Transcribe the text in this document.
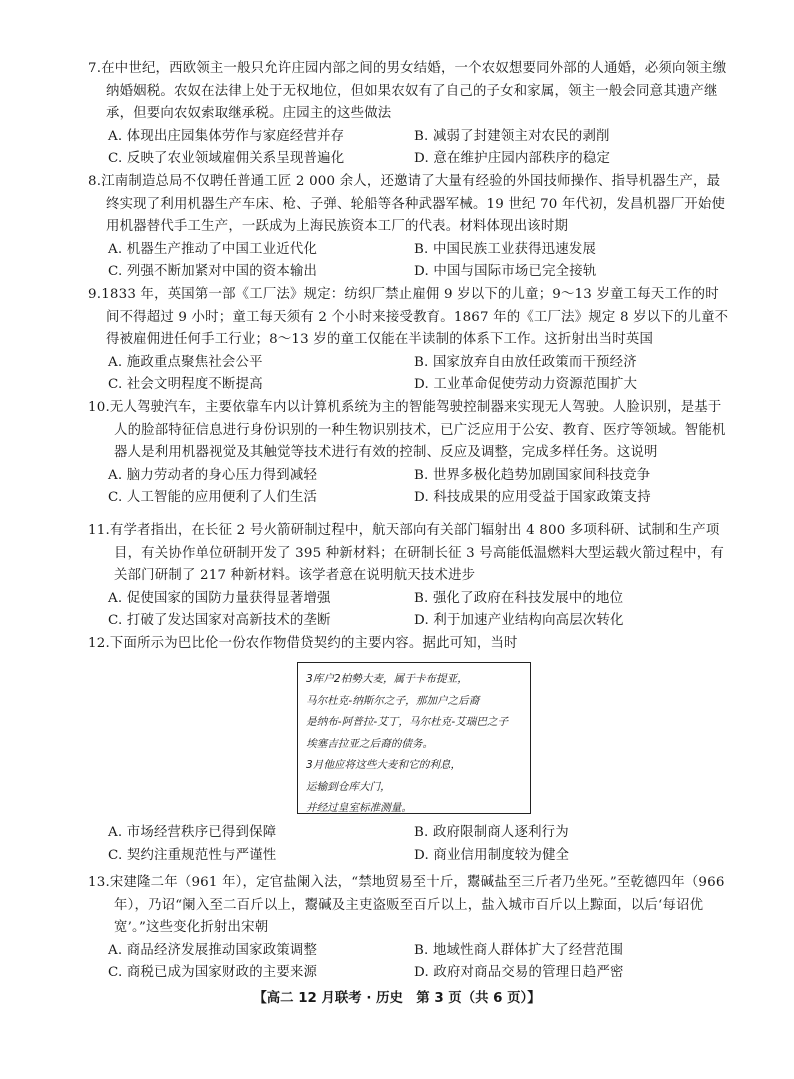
7.在中世纪，西欧领主一般只允许庄园内部之间的男女结婚，一个农奴想要同外部的人通婚，必须向领主缴纳婚姻税。农奴在法律上处于无权地位，但如果农奴有了自己的子女和家属，领主一般会同意其遗产继承，但要向农奴索取继承税。庄园主的这些做法

A. 体现出庄园集体劳作与家庭经营并存	B. 减弱了封建领主对农民的剥削
C. 反映了农业领域雇佣关系呈现普遍化	D. 意在维护庄园内部秩序的稳定

8.江南制造总局不仅聘任普通工匠 2 000 余人，还邀请了大量有经验的外国技师操作、指导机器生产，最终实现了利用机器生产车床、枪、子弹、轮船等各种武器军械。19 世纪 70 年代初，发昌机器厂开始使用机器替代手工生产，一跃成为上海民族资本工厂的代表。材料体现出该时期

A. 机器生产推动了中国工业近代化	B. 中国民族工业获得迅速发展
C. 列强不断加紧对中国的资本输出	D. 中国与国际市场已完全接轨

9.1833 年，英国第一部《工厂法》规定：纺织厂禁止雇佣 9 岁以下的儿童；9～13 岁童工每天工作的时间不得超过 9 小时；童工每天须有 2 个小时来接受教育。1867 年的《工厂法》规定 8 岁以下的儿童不得被雇佣进任何手工行业；8～13 岁的童工仅能在半读制的体系下工作。这折射出当时英国

A. 施政重点聚焦社会公平	B. 国家放弃自由放任政策而干预经济
C. 社会文明程度不断提高	D. 工业革命促使劳动力资源范围扩大

10.无人驾驶汽车，主要依靠车内以计算机系统为主的智能驾驶控制器来实现无人驾驶。人脸识别，是基于人的脸部特征信息进行身份识别的一种生物识别技术，已广泛应用于公安、教育、医疗等领域。智能机器人是利用机器视觉及其触觉等技术进行有效的控制、反应及调整，完成多样任务。这说明

A. 脑力劳动者的身心压力得到减轻	B. 世界多极化趋势加剧国家间科技竞争
C. 人工智能的应用便利了人们生活	D. 科技成果的应用受益于国家政策支持

11.有学者指出，在长征 2 号火箭研制过程中，航天部向有关部门辐射出 4 800 多项科研、试制和生产项目，有关协作单位研制开发了 395 种新材料；在研制长征 3 号高能低温燃料大型运载火箭过程中，有关部门研制了 217 种新材料。该学者意在说明航天技术进步

A. 促使国家的国防力量获得显著增强	B. 强化了政府在科技发展中的地位
C. 打破了发达国家对高新技术的垄断	D. 利于加速产业结构向高层次转化

12.下面所示为巴比伦一份农作物借贷契约的主要内容。据此可知，当时

3库户2柏勢大麦，属于卡布提亚，
马尔杜克-纳斯尔之子，那加户之后裔
是纳布-阿普拉-艾丁，马尔杜克-艾瑞巴之子
埃塞吉拉亚之后裔的债务。
3月他应将这些大麦和它的利息，
运输到仓库大门，
并经过皇室标准测量。
A. 市场经营秩序已得到保障	B. 政府限制商人逐利行为
C. 契约注重规范性与严谨性	D. 商业信用制度较为健全

13.宋建隆二年（961 年），定官盐阑入法，“禁地贸易至十斤，鬻碱盐至三斤者乃坐死。”至乾德四年（966 年），乃诏“阑入至二百斤以上，鬻碱及主吏盗贩至百斤以上，盐入城市百斤以上黥面，以后‘每诏优宽’。”这些变化折射出宋朝

A. 商品经济发展推动国家政策调整	B. 地域性商人群体扩大了经营范围
C. 商税已成为国家财政的主要来源	D. 政府对商品交易的管理日趋严密
【高二 12 月联考 · 历史　第 3 页（共 6 页）】
